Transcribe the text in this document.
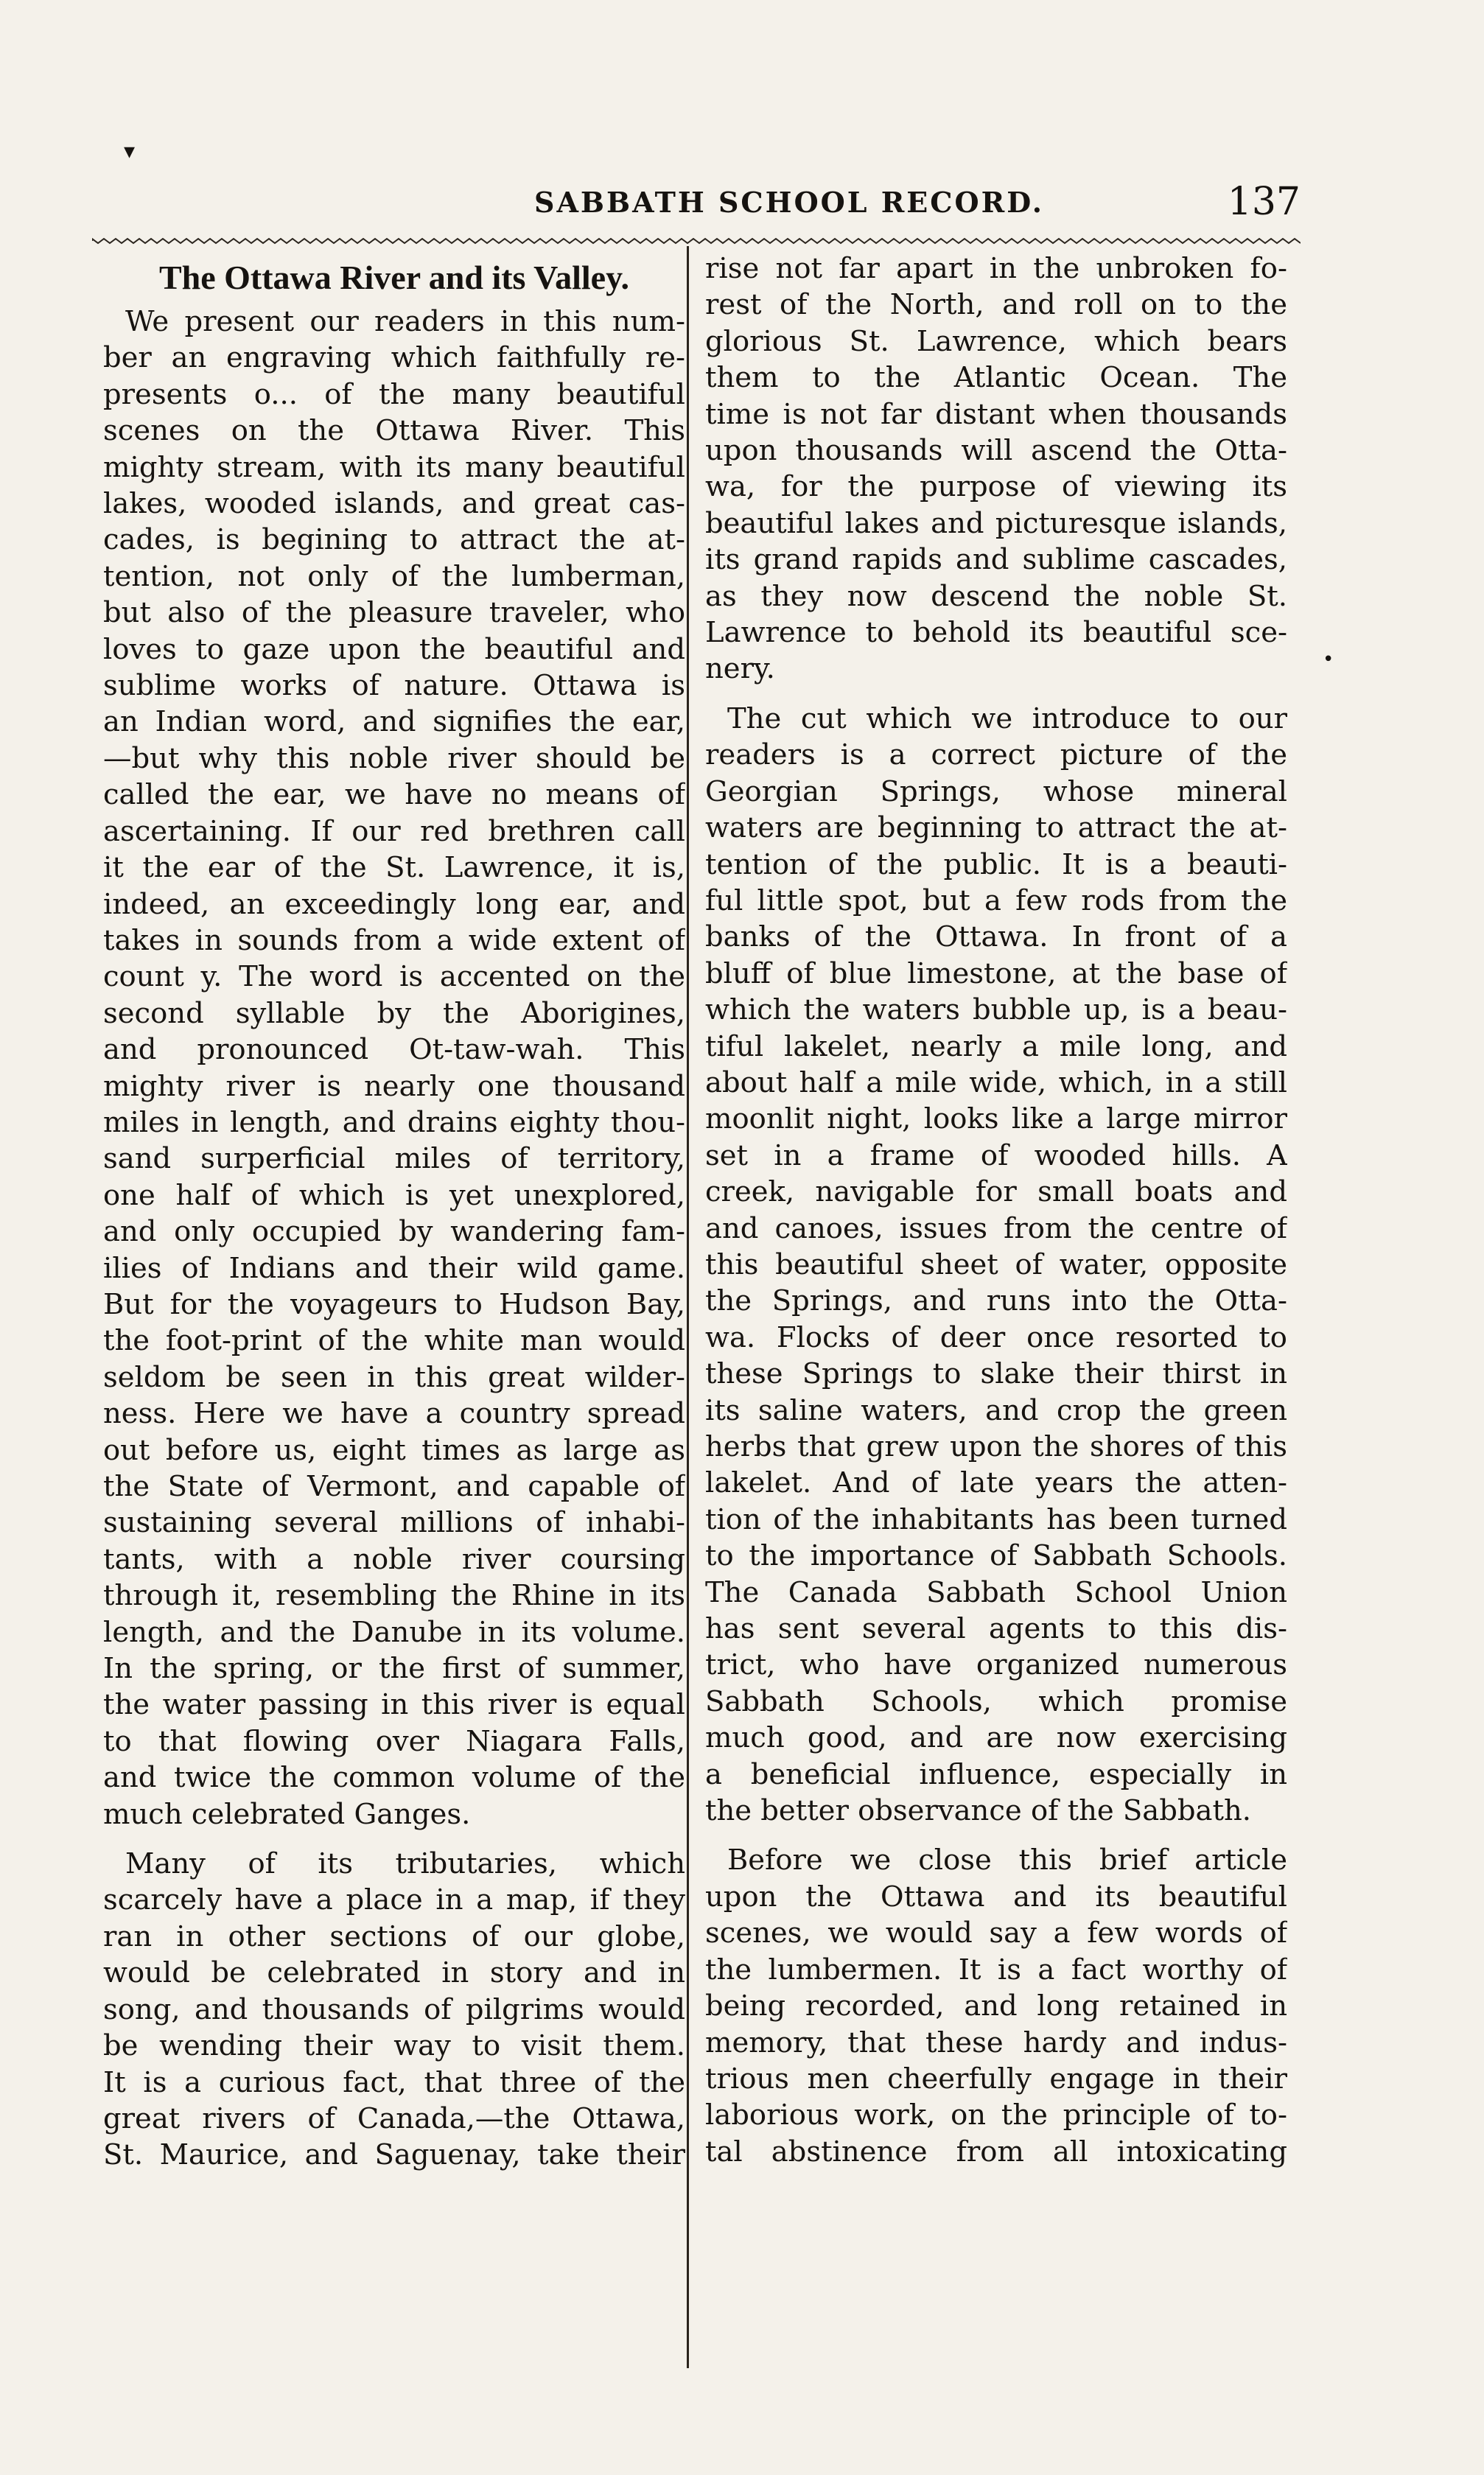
▾
•
SABBATH SCHOOL RECORD.	137
The Ottawa River and its Valley.
We present our readers in this num-
ber an engraving which faithfully re-
presents o... of the many beautiful
scenes on the Ottawa River. This
mighty stream, with its many beautiful
lakes, wooded islands, and great cas-
cades, is begining to attract the at-
tention, not only of the lumberman,
but also of the pleasure traveler, who
loves to gaze upon the beautiful and
sublime works of nature. Ottawa is
an Indian word, and signifies the ear,
—but why this noble river should be
called the ear, we have no means of
ascertaining. If our red brethren call
it the ear of the St. Lawrence, it is,
indeed, an exceedingly long ear, and
takes in sounds from a wide extent of
count y. The word is accented on the
second syllable by the Aborigines,
and pronounced Ot-taw-wah. This
mighty river is nearly one thousand
miles in length, and drains eighty thou-
sand surperficial miles of territory,
one half of which is yet unexplored,
and only occupied by wandering fam-
ilies of Indians and their wild game.
But for the voyageurs to Hudson Bay,
the foot-print of the white man would
seldom be seen in this great wilder-
ness. Here we have a country spread
out before us, eight times as large as
the State of Vermont, and capable of
sustaining several millions of inhabi-
tants, with a noble river coursing
through it, resembling the Rhine in its
length, and the Danube in its volume.
In the spring, or the first of summer,
the water passing in this river is equal
to that flowing over Niagara Falls,
and twice the common volume of the
much celebrated Ganges.
Many of its tributaries, which
scarcely have a place in a map, if they
ran in other sections of our globe,
would be celebrated in story and in
song, and thousands of pilgrims would
be wending their way to visit them.
It is a curious fact, that three of the
great rivers of Canada,—the Ottawa,
St. Maurice, and Saguenay, take their
rise not far apart in the unbroken fo-
rest of the North, and roll on to the
glorious St. Lawrence, which bears
them to the Atlantic Ocean. The
time is not far distant when thousands
upon thousands will ascend the Otta-
wa, for the purpose of viewing its
beautiful lakes and picturesque islands,
its grand rapids and sublime cascades,
as they now descend the noble St.
Lawrence to behold its beautiful sce-
nery.
The cut which we introduce to our
readers is a correct picture of the
Georgian Springs, whose mineral
waters are beginning to attract the at-
tention of the public. It is a beauti-
ful little spot, but a few rods from the
banks of the Ottawa. In front of a
bluff of blue limestone, at the base of
which the waters bubble up, is a beau-
tiful lakelet, nearly a mile long, and
about half a mile wide, which, in a still
moonlit night, looks like a large mirror
set in a frame of wooded hills. A
creek, navigable for small boats and
and canoes, issues from the centre of
this beautiful sheet of water, opposite
the Springs, and runs into the Otta-
wa. Flocks of deer once resorted to
these Springs to slake their thirst in
its saline waters, and crop the green
herbs that grew upon the shores of this
lakelet. And of late years the atten-
tion of the inhabitants has been turned
to the importance of Sabbath Schools.
The Canada Sabbath School Union
has sent several agents to this dis-
trict, who have organized numerous
Sabbath Schools, which promise
much good, and are now exercising
a beneficial influence, especially in
the better observance of the Sabbath.
Before we close this brief article
upon the Ottawa and its beautiful
scenes, we would say a few words of
the lumbermen. It is a fact worthy of
being recorded, and long retained in
memory, that these hardy and indus-
trious men cheerfully engage in their
laborious work, on the principle of to-
tal abstinence from all intoxicating
